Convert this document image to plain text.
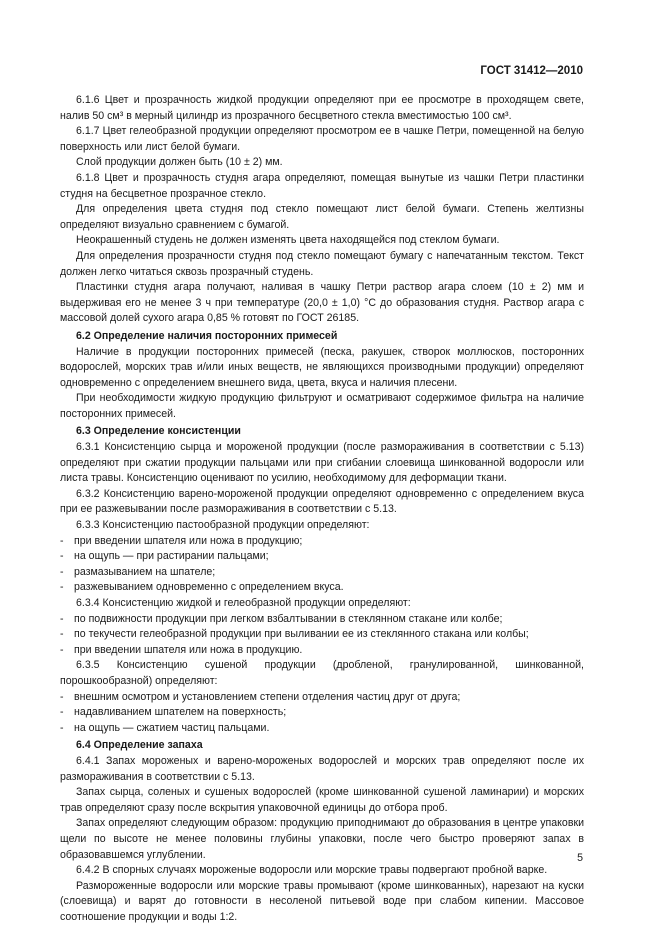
ГОСТ 31412—2010

6.1.6 Цвет и прозрачность жидкой продукции определяют при ее просмотре в проходящем свете, налив 50 см³ в мерный цилиндр из прозрачного бесцветного стекла вместимостью 100 см³.

6.1.7 Цвет гелеобразной продукции определяют просмотром ее в чашке Петри, помещенной на белую поверхность или лист белой бумаги.

Слой продукции должен быть (10 ± 2) мм.

6.1.8 Цвет и прозрачность студня агара определяют, помещая вынутые из чашки Петри пластинки студня на бесцветное прозрачное стекло.

Для определения цвета студня под стекло помещают лист белой бумаги. Степень желтизны определяют визуально сравнением с бумагой.

Неокрашенный студень не должен изменять цвета находящейся под стеклом бумаги.

Для определения прозрачности студня под стекло помещают бумагу с напечатанным текстом. Текст должен легко читаться сквозь прозрачный студень.

Пластинки студня агара получают, наливая в чашку Петри раствор агара слоем (10 ± 2) мм и выдерживая его не менее 3 ч при температуре (20,0 ± 1,0) °С до образования студня. Раствор агара с массовой долей сухого агара 0,85 % готовят по ГОСТ 26185.

6.2 Определение наличия посторонних примесей

Наличие в продукции посторонних примесей (песка, ракушек, створок моллюсков, посторонних водорослей, морских трав и/или иных веществ, не являющихся производными продукции) определяют одновременно с определением внешнего вида, цвета, вкуса и наличия плесени.

При необходимости жидкую продукцию фильтруют и осматривают содержимое фильтра на наличие посторонних примесей.

6.3 Определение консистенции

6.3.1 Консистенцию сырца и мороженой продукции (после размораживания в соответствии с 5.13) определяют при сжатии продукции пальцами или при сгибании слоевища шинкованной водоросли или листа травы. Консистенцию оценивают по усилию, необходимому для деформации ткани.

6.3.2 Консистенцию варено-мороженой продукции определяют одновременно с определением вкуса при ее разжевывании после размораживания в соответствии с 5.13.

6.3.3 Консистенцию пастообразной продукции определяют:

- при введении шпателя или ножа в продукцию;

- на ощупь — при растирании пальцами;

- размазыванием на шпателе;

- разжевыванием одновременно с определением вкуса.

6.3.4 Консистенцию жидкой и гелеобразной продукции определяют:

- по подвижности продукции при легком взбалтывании в стеклянном стакане или колбе;

- по текучести гелеобразной продукции при выливании ее из стеклянного стакана или колбы;

- при введении шпателя или ножа в продукцию.

6.3.5 Консистенцию сушеной продукции (дробленой, гранулированной, шинкованной, порошкообразной) определяют:

- внешним осмотром и установлением степени отделения частиц друг от друга;

- надавливанием шпателем на поверхность;

- на ощупь — сжатием частиц пальцами.

6.4 Определение запаха

6.4.1 Запах мороженых и варено-мороженых водорослей и морских трав определяют после их размораживания в соответствии с 5.13.

Запах сырца, соленых и сушеных водорослей (кроме шинкованной сушеной ламинарии) и морских трав определяют сразу после вскрытия упаковочной единицы до отбора проб.

Запах определяют следующим образом: продукцию приподнимают до образования в центре упаковки щели по высоте не менее половины глубины упаковки, после чего быстро проверяют запах в образовавшемся углублении.

6.4.2 В спорных случаях мороженые водоросли или морские травы подвергают пробной варке.

Размороженные водоросли или морские травы промывают (кроме шинкованных), нарезают на куски (слоевища) и варят до готовности в несоленой питьевой воде при слабом кипении. Массовое соотношение продукции и воды 1:2.

5
